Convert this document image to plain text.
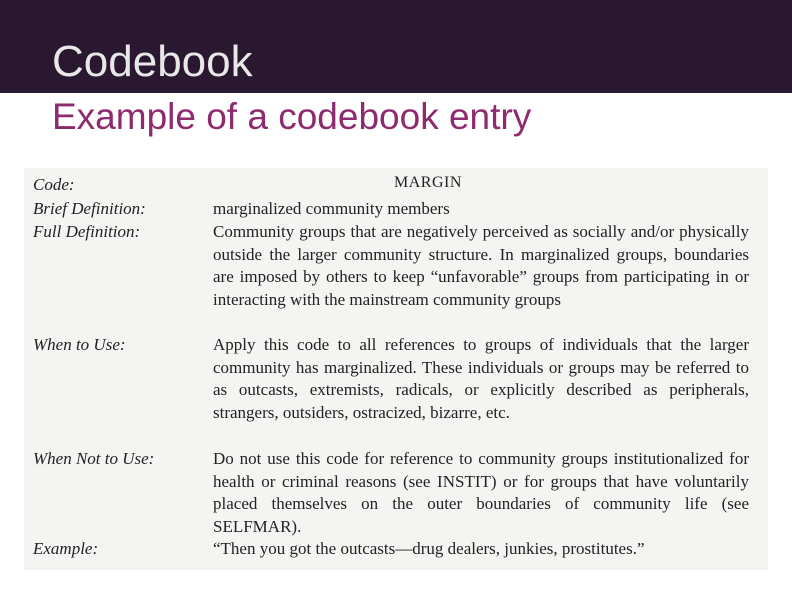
Codebook
Example of a codebook entry
Code:	MARGIN
Brief Definition:	marginalized community members
Full Definition:	Community groups that are negatively perceived as socially and/or physically outside the larger community structure. In marginalized groups, boundaries are imposed by others to keep “unfavorable” groups from participating in or interacting with the mainstream community groups
When to Use:	Apply this code to all references to groups of individuals that the larger community has marginalized. These individuals or groups may be referred to as outcasts, extremists, radicals, or explicitly described as peripherals, strangers, outsiders, ostracized, bizarre, etc.
When Not to Use:	Do not use this code for reference to community groups institutionalized for health or criminal reasons (see INSTIT) or for groups that have voluntarily placed themselves on the outer boundaries of community life (see SELFMAR).
Example:	“Then you got the outcasts—drug dealers, junkies, prostitutes.”
